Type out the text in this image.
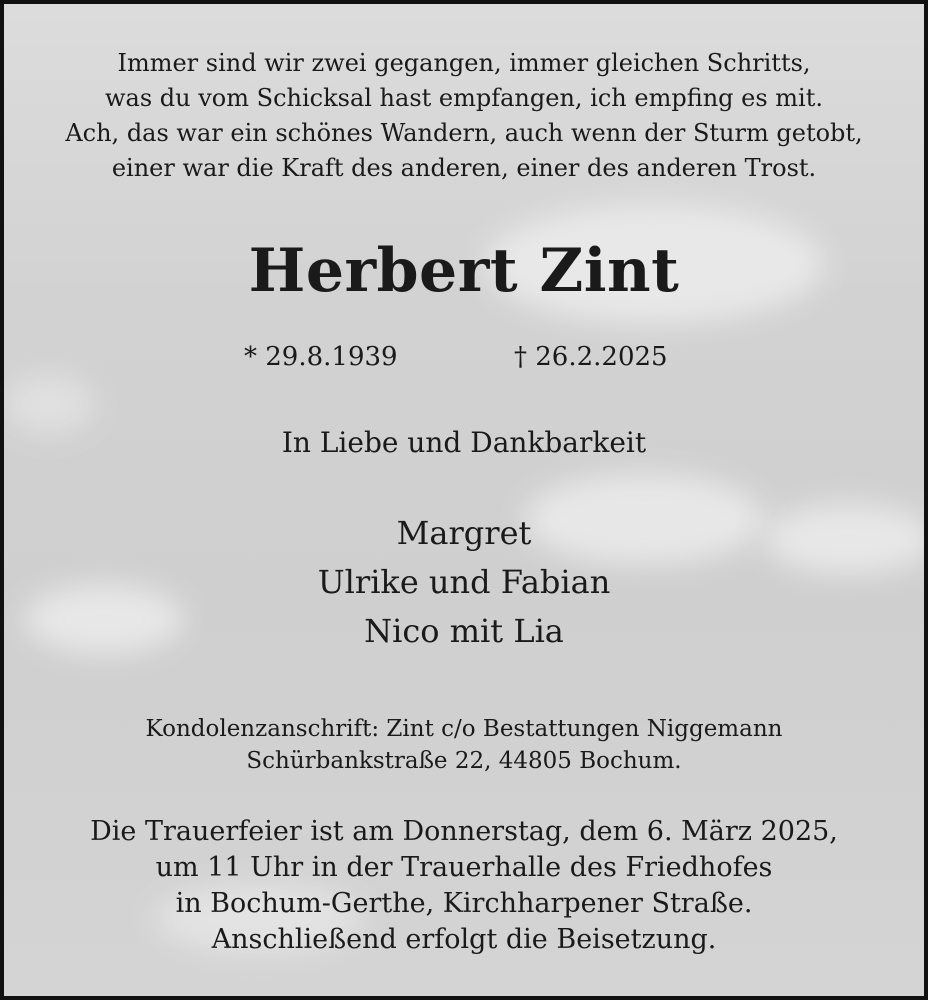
Immer sind wir zwei gegangen, immer gleichen Schritts,
was du vom Schicksal hast empfangen, ich empfing es mit.
Ach, das war ein schönes Wandern, auch wenn der Sturm getobt,
einer war die Kraft des anderen, einer des anderen Trost.
Herbert Zint
* 29.8.1939	† 26.2.2025
In Liebe und Dankbarkeit
Margret
Ulrike und Fabian
Nico mit Lia
Kondolenzanschrift: Zint c/o Bestattungen Niggemann
Schürbankstraße 22, 44805 Bochum.
Die Trauerfeier ist am Donnerstag, dem 6. März 2025,
um 11 Uhr in der Trauerhalle des Friedhofes
in Bochum-Gerthe, Kirchharpener Straße.
Anschließend erfolgt die Beisetzung.
